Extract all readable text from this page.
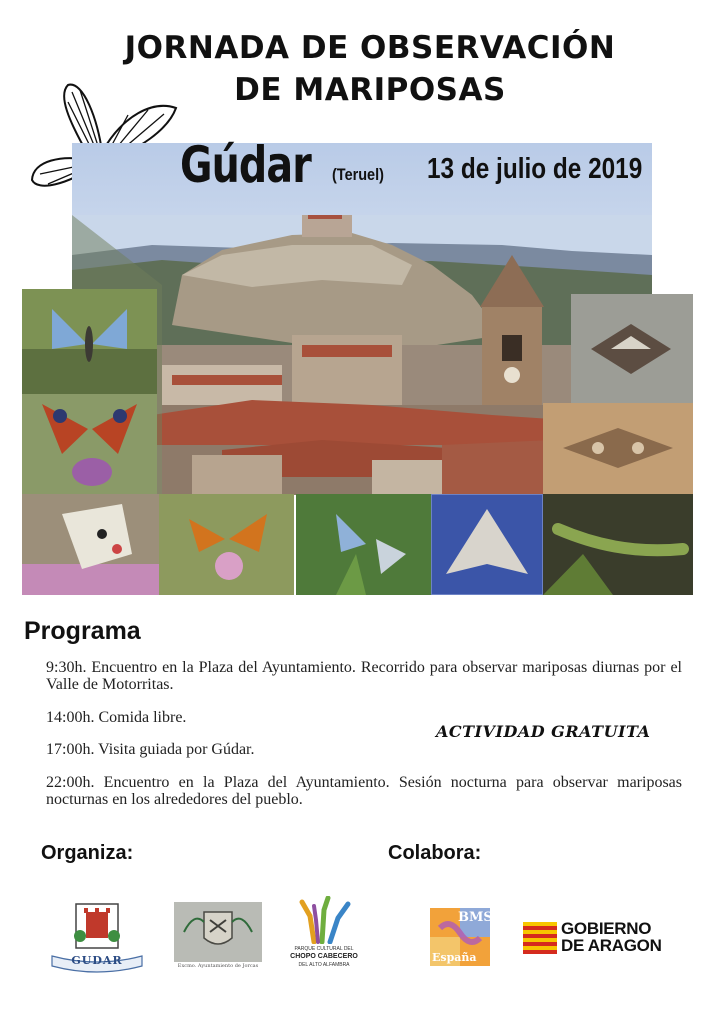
JORNADA DE OBSERVACIÓN
DE MARIPOSAS
Gúdar (Teruel) 13 de julio de 2019
Programa
9:30h. Encuentro en la Plaza del Ayuntamiento. Recorrido para observar mariposas diurnas por el Valle de Motorritas.
14:00h. Comida libre.
17:00h. Visita guiada por Gúdar.
22:00h. Encuentro en la Plaza del Ayuntamiento. Sesión nocturna para observar mariposas nocturnas en los alrededores del pueblo.
ACTIVIDAD GRATUITA
Organiza:	Colabora:
GUDAR	Excmo. Ayuntamiento de Jorcas
PARQUE CULTURAL DEL
CHOPO CABECERO
DEL ALTO ALFAMBRA
BMS
España
GOBIERNO
DE ARAGON
